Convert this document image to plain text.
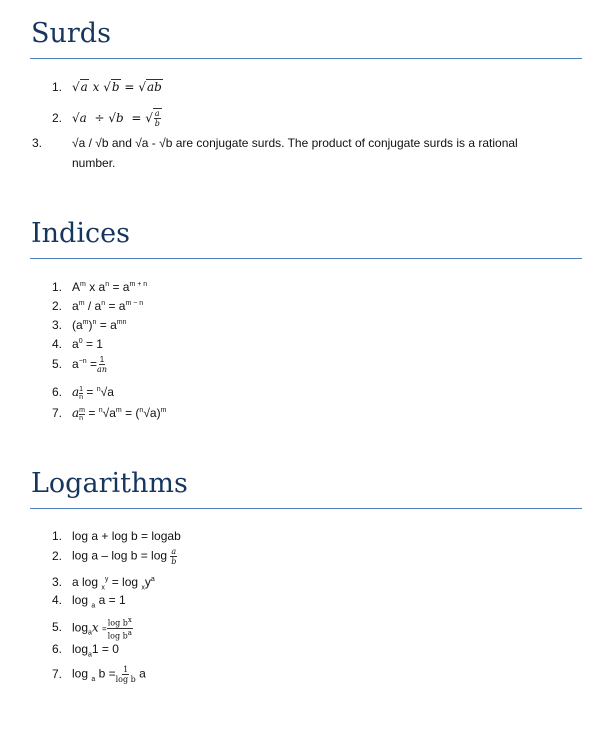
Surds
1. √a x √b = √ab
2. √a ÷ √b = √ $\frac{a}{b}$
3. √a / √b and √a - √b are conjugate surds. The product of conjugate surds is a rational number.
Indices
1. $A^m$ x $a^n = a^{m + n}$
2. $a^m / a^n = a^{m - n}$
3. $(a^m)^n = a^{mn}$
4. $a^0 = 1$
5. $a^{-n} = \frac{1}{an}$
6. a $\frac{1}{n} = ^n√a$
7. a $\frac{m}{n} = ^n√a^m = (^n√a)^m$
Logarithms
1. log a + log b = logab
2. $\log a - \log b = \log \frac{a}{b}$
3. a $\log _x^y = \log _xy^a$
4. log $_a$ a = 1
5. $\log_ax = \frac{\log b^x}{\log b^a}$
6. $\log_a1 = 0$
7. log $_a$ $b = \frac{1}{\text{log b}}$ a
